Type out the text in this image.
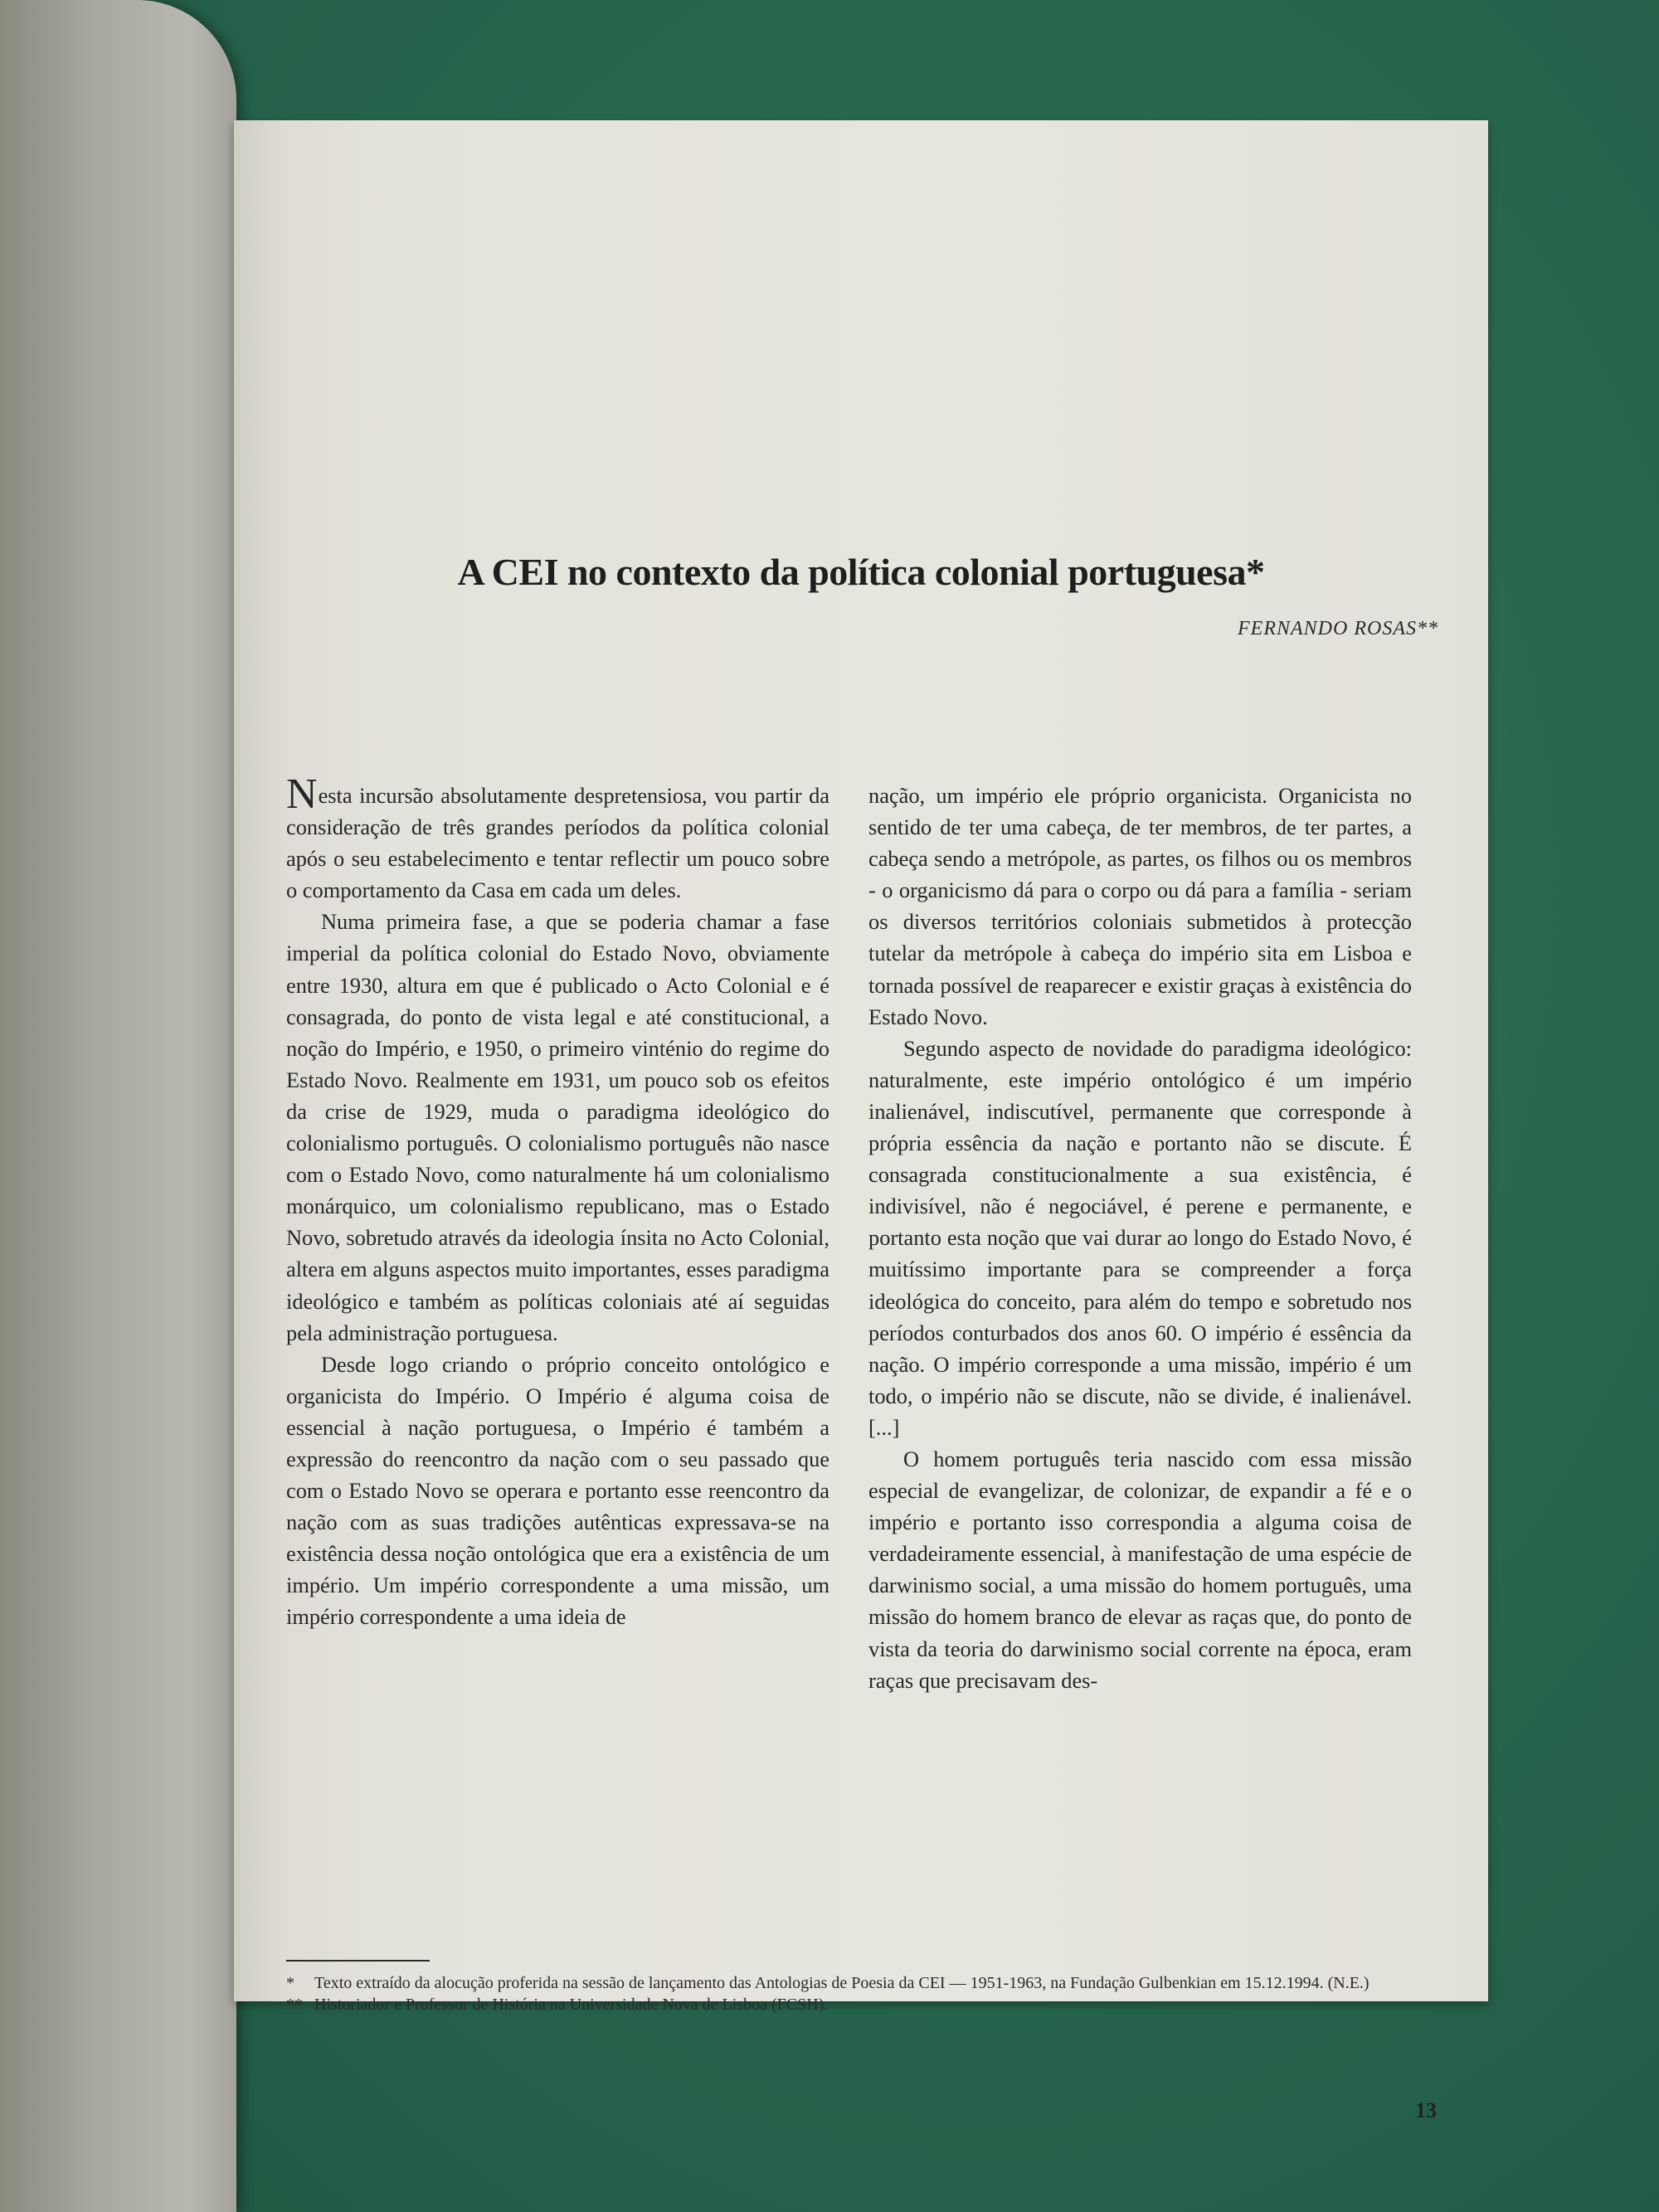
A CEI no contexto da política colonial portuguesa*
FERNANDO ROSAS**

Nesta incursão absolutamente despretensiosa, vou partir da consideração de três grandes períodos da política colonial após o seu estabelecimento e tentar reflectir um pouco sobre o comportamento da Casa em cada um deles.

Numa primeira fase, a que se poderia chamar a fase imperial da política colonial do Estado Novo, obviamente entre 1930, altura em que é publicado o Acto Colonial e é consagrada, do ponto de vista legal e até constitucional, a noção do Império, e 1950, o primeiro vinténio do regime do Estado Novo. Realmente em 1931, um pouco sob os efeitos da crise de 1929, muda o paradigma ideológico do colonialismo português. O colonialismo português não nasce com o Estado Novo, como naturalmente há um colonialismo monárquico, um colonialismo republicano, mas o Estado Novo, sobretudo através da ideologia ínsita no Acto Colonial, altera em alguns aspectos muito importantes, esses paradigma ideológico e também as políticas coloniais até aí seguidas pela administração portuguesa.

Desde logo criando o próprio conceito ontológico e organicista do Império. O Império é alguma coisa de essencial à nação portuguesa, o Império é também a expressão do reencontro da nação com o seu passado que com o Estado Novo se operara e portanto esse reencontro da nação com as suas tradições autênticas expressava-se na existência dessa noção ontológica que era a existência de um império. Um império correspondente a uma missão, um império correspondente a uma ideia de

nação, um império ele próprio organicista. Organicista no sentido de ter uma cabeça, de ter membros, de ter partes, a cabeça sendo a metrópole, as partes, os filhos ou os membros - o organicismo dá para o corpo ou dá para a família - seriam os diversos territórios coloniais submetidos à protecção tutelar da metrópole à cabeça do império sita em Lisboa e tornada possível de reaparecer e existir graças à existência do Estado Novo.

Segundo aspecto de novidade do paradigma ideológico: naturalmente, este império ontológico é um império inalienável, indiscutível, permanente que corresponde à própria essência da nação e portanto não se discute. É consagrada constitucionalmente a sua existência, é indivisível, não é negociável, é perene e permanente, e portanto esta noção que vai durar ao longo do Estado Novo, é muitíssimo importante para se compreender a força ideológica do conceito, para além do tempo e sobretudo nos períodos conturbados dos anos 60. O império é essência da nação. O império corresponde a uma missão, império é um todo, o império não se discute, não se divide, é inalienável. [...]

O homem português teria nascido com essa missão especial de evangelizar, de colonizar, de expandir a fé e o império e portanto isso correspondia a alguma coisa de verdadeiramente essencial, à manifestação de uma espécie de darwinismo social, a uma missão do homem português, uma missão do homem branco de elevar as raças que, do ponto de vista da teoria do darwinismo social corrente na época, eram raças que precisavam des-

* Texto extraído da alocução proferida na sessão de lançamento das Antologias de Poesia da CEI — 1951-1963, na Fundação Gulbenkian em 15.12.1994. (N.E.)

** Historiador e Professor de História na Universidade Nova de Lisboa (FCSH).

13
